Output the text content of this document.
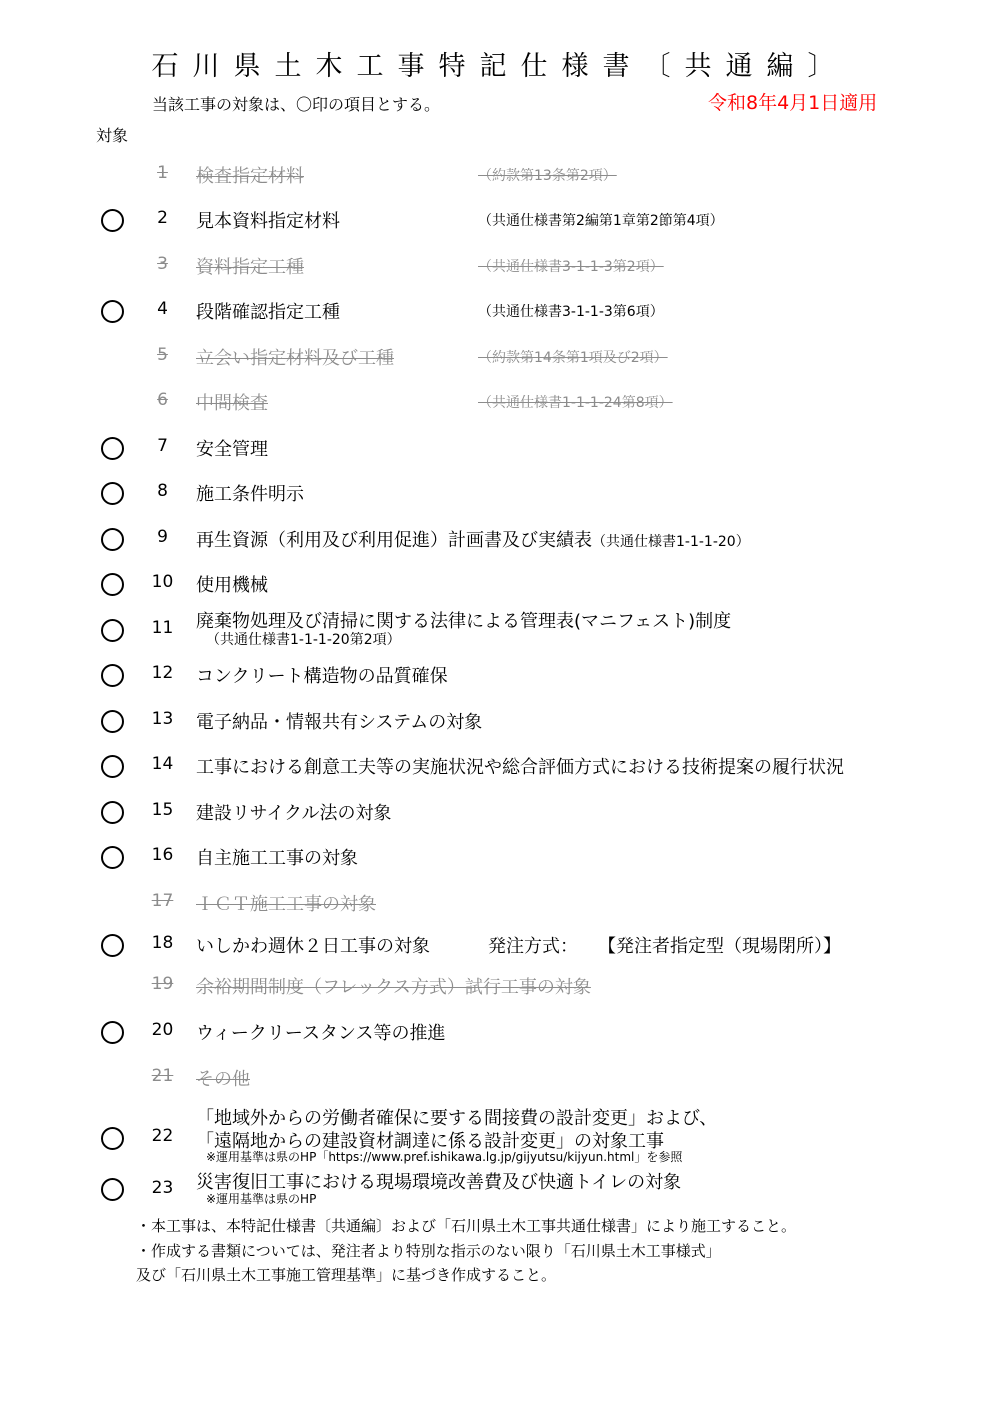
石川県土木工事特記仕様書〔共通編〕
当該工事の対象は、〇印の項目とする。	令和8年4月1日適用
対象
1	検査指定材料	（約款第13条第2項）
2	見本資料指定材料	（共通仕様書第2編第1章第2節第4項）
3	資料指定工種	（共通仕様書3-1-1-3第2項）
4	段階確認指定工種	（共通仕様書3-1-1-3第6項）
5	立会い指定材料及び工種	（約款第14条第1項及び2項）
6	中間検査	（共通仕様書1-1-1-24第8項）
7	安全管理
8	施工条件明示
9	再生資源（利用及び利用促進）計画書及び実績表（共通仕様書1-1-1-20）
10	使用機械
11	廃棄物処理及び清掃に関する法律による管理表(マニフェスト)制度
（共通仕様書1-1-1-20第2項）
12	コンクリート構造物の品質確保
13	電子納品・情報共有システムの対象
14	工事における創意工夫等の実施状況や総合評価方式における技術提案の履行状況
15	建設リサイクル法の対象
16	自主施工工事の対象
17	ＩＣＴ施工工事の対象
18	いしかわ週休２日工事の対象	発注方式： 【発注者指定型（現場閉所）】
19	余裕期間制度（フレックス方式）試行工事の対象
20	ウィークリースタンス等の推進
21	その他
22
「地域外からの労働者確保に要する間接費の設計変更」および、
「遠隔地からの建設資材調達に係る設計変更」の対象工事
※運用基準は県のHP「https://www.pref.ishikawa.lg.jp/gijyutsu/kijyun.html」を参照
23	災害復旧工事における現場環境改善費及び快適トイレの対象
※運用基準は県のHP
・本工事は、本特記仕様書〔共通編〕および「石川県土木工事共通仕様書」により施工すること。
・作成する書類については、発注者より特別な指示のない限り「石川県土木工事様式」
及び「石川県土木工事施工管理基準」に基づき作成すること。
